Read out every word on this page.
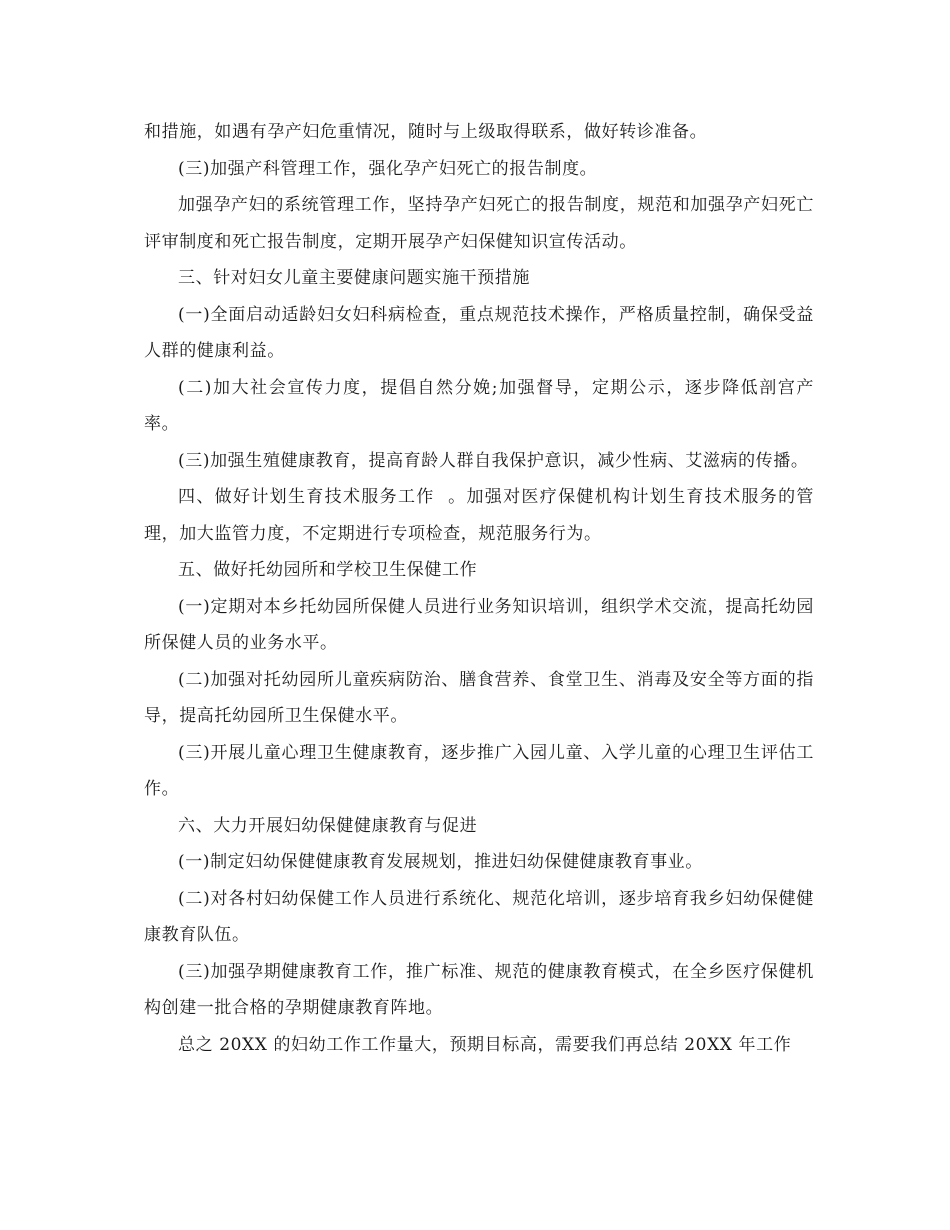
和措施，如遇有孕产妇危重情况，随时与上级取得联系，做好转诊准备。

(三)加强产科管理工作，强化孕产妇死亡的报告制度。

加强孕产妇的系统管理工作，坚持孕产妇死亡的报告制度，规范和加强孕产妇死亡评审制度和死亡报告制度，定期开展孕产妇保健知识宣传活动。

三、针对妇女儿童主要健康问题实施干预措施

(一)全面启动适龄妇女妇科病检查，重点规范技术操作，严格质量控制，确保受益人群的健康利益。

(二)加大社会宣传力度，提倡自然分娩;加强督导，定期公示，逐步降低剖宫产率。

(三)加强生殖健康教育，提高育龄人群自我保护意识，减少性病、艾滋病的传播。

四、做好计划生育技术服务工作  。加强对医疗保健机构计划生育技术服务的管理，加大监管力度，不定期进行专项检查，规范服务行为。

五、做好托幼园所和学校卫生保健工作

(一)定期对本乡托幼园所保健人员进行业务知识培训，组织学术交流，提高托幼园所保健人员的业务水平。

(二)加强对托幼园所儿童疾病防治、膳食营养、食堂卫生、消毒及安全等方面的指导，提高托幼园所卫生保健水平。

(三)开展儿童心理卫生健康教育，逐步推广入园儿童、入学儿童的心理卫生评估工作。

六、大力开展妇幼保健健康教育与促进

(一)制定妇幼保健健康教育发展规划，推进妇幼保健健康教育事业。

(二)对各村妇幼保健工作人员进行系统化、规范化培训，逐步培育我乡妇幼保健健康教育队伍。

(三)加强孕期健康教育工作，推广标准、规范的健康教育模式，在全乡医疗保健机构创建一批合格的孕期健康教育阵地。

总之 20XX 的妇幼工作工作量大，预期目标高，需要我们再总结 20XX 年工作
